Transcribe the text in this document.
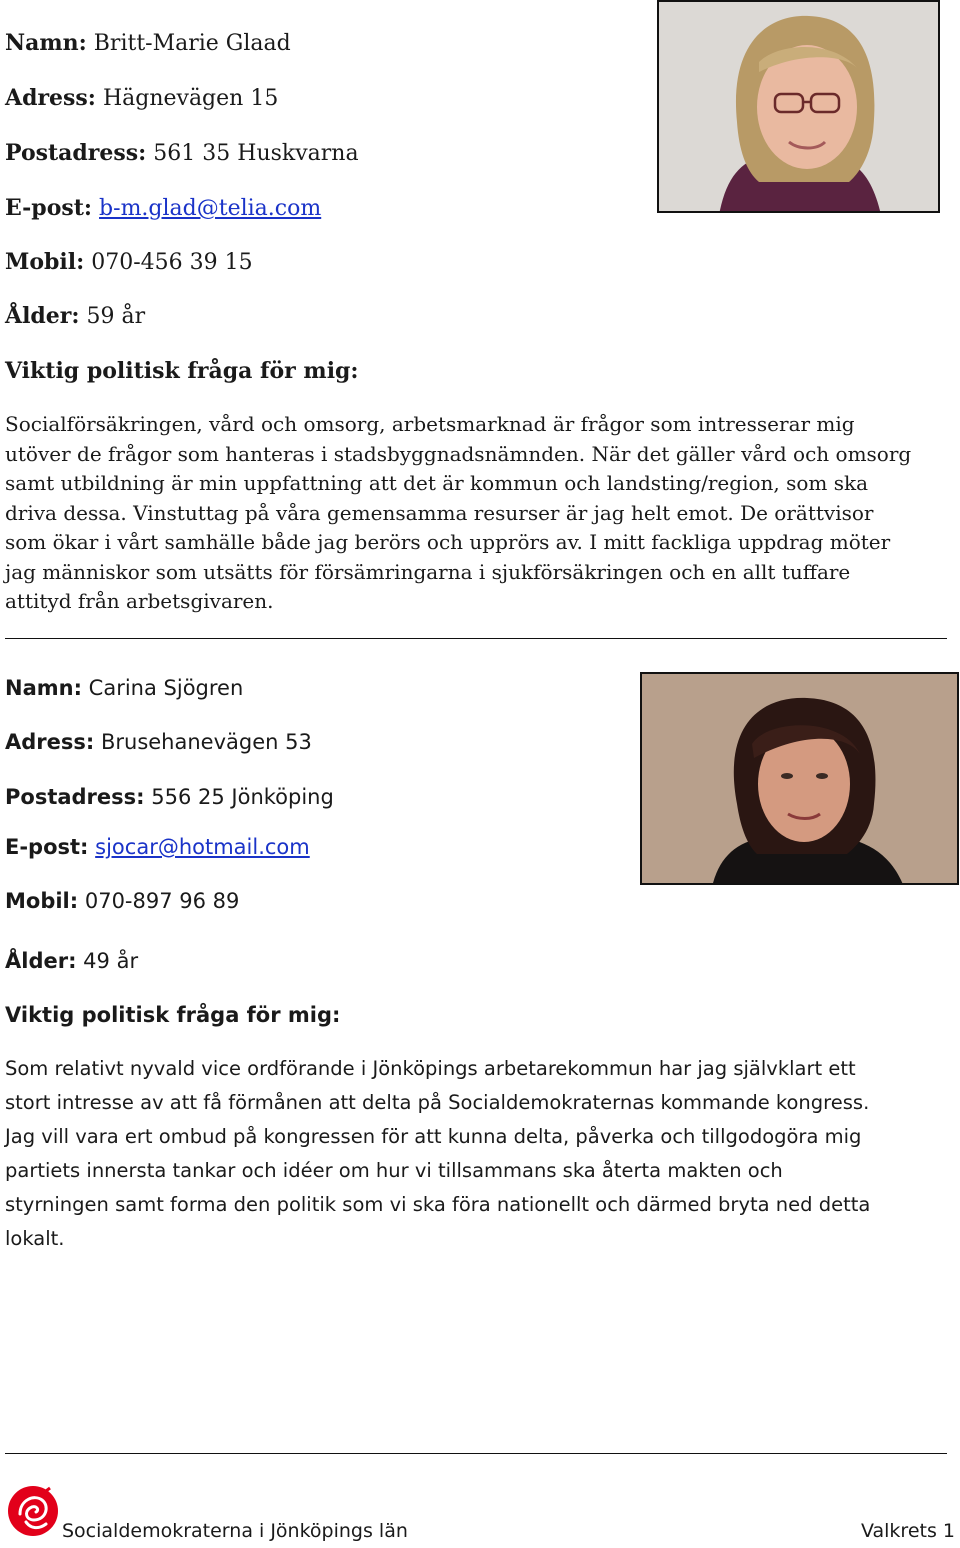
Namn: Britt-Marie Glaad
Adress: Hägnevägen 15
Postadress: 561 35 Huskvarna
E-post: b-m.glad@telia.com
Mobil: 070-456 39 15
Ålder: 59 år
Viktig politisk fråga för mig:
Socialförsäkringen, vård och omsorg, arbetsmarknad är frågor som intresserar mig
utöver de frågor som hanteras i stadsbyggnadsnämnden. När det gäller vård och omsorg
samt utbildning är min uppfattning att det är kommun och landsting/region, som ska
driva dessa. Vinstuttag på våra gemensamma resurser är jag helt emot. De orättvisor
som ökar i vårt samhälle både jag berörs och upprörs av. I mitt fackliga uppdrag möter
jag människor som utsätts för försämringarna i sjukförsäkringen och en allt tuffare
attityd från arbetsgivaren.
Namn: Carina Sjögren
Adress: Brusehanevägen 53
Postadress: 556 25 Jönköping
E-post: sjocar@hotmail.com
Mobil: 070-897 96 89
Ålder: 49 år
Viktig politisk fråga för mig:
Som relativt nyvald vice ordförande i Jönköpings arbetarekommun har jag självklart ett
stort intresse av att få förmånen att delta på Socialdemokraternas kommande kongress.
Jag vill vara ert ombud på kongressen för att kunna delta, påverka och tillgodogöra mig
partiets innersta tankar och idéer om hur vi tillsammans ska återta makten och
styrningen samt forma den politik som vi ska föra nationellt och därmed bryta ned detta
lokalt.
Socialdemokraterna i Jönköpings län	Valkrets 1
